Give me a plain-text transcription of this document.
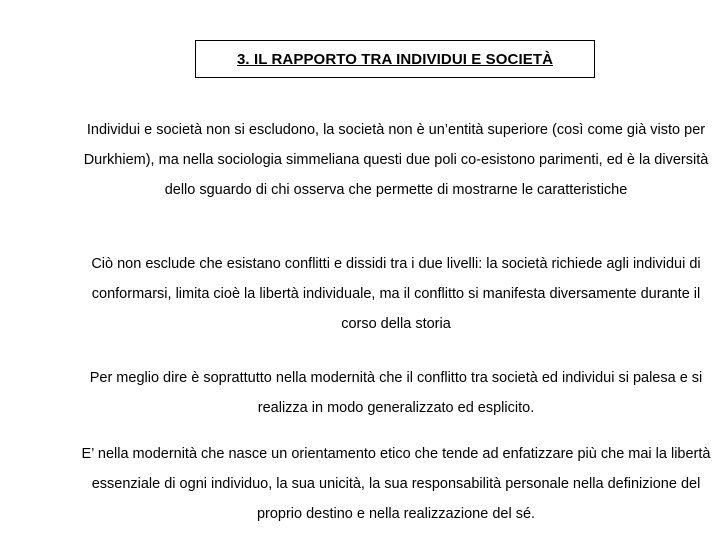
3. IL RAPPORTO TRA INDIVIDUI E SOCIETÀ

Individui e società non si escludono, la società non è un’entità superiore (così come già visto per Durkhiem), ma nella sociologia simmeliana questi due poli co-esistono parimenti, ed è la diversità dello sguardo di chi osserva che permette di mostrarne le caratteristiche

Ciò non esclude che esistano conflitti e dissidi tra i due livelli: la società richiede agli individui di conformarsi, limita cioè la libertà individuale, ma il conflitto si manifesta diversamente durante il corso della storia

Per meglio dire è soprattutto nella modernità che il conflitto tra società ed individui si palesa e si realizza in modo generalizzato ed esplicito.

E’ nella modernità che nasce un orientamento etico che tende ad enfatizzare più che mai la libertà essenziale di ogni individuo, la sua unicità, la sua responsabilità personale nella definizione del proprio destino e nella realizzazione del sé.
